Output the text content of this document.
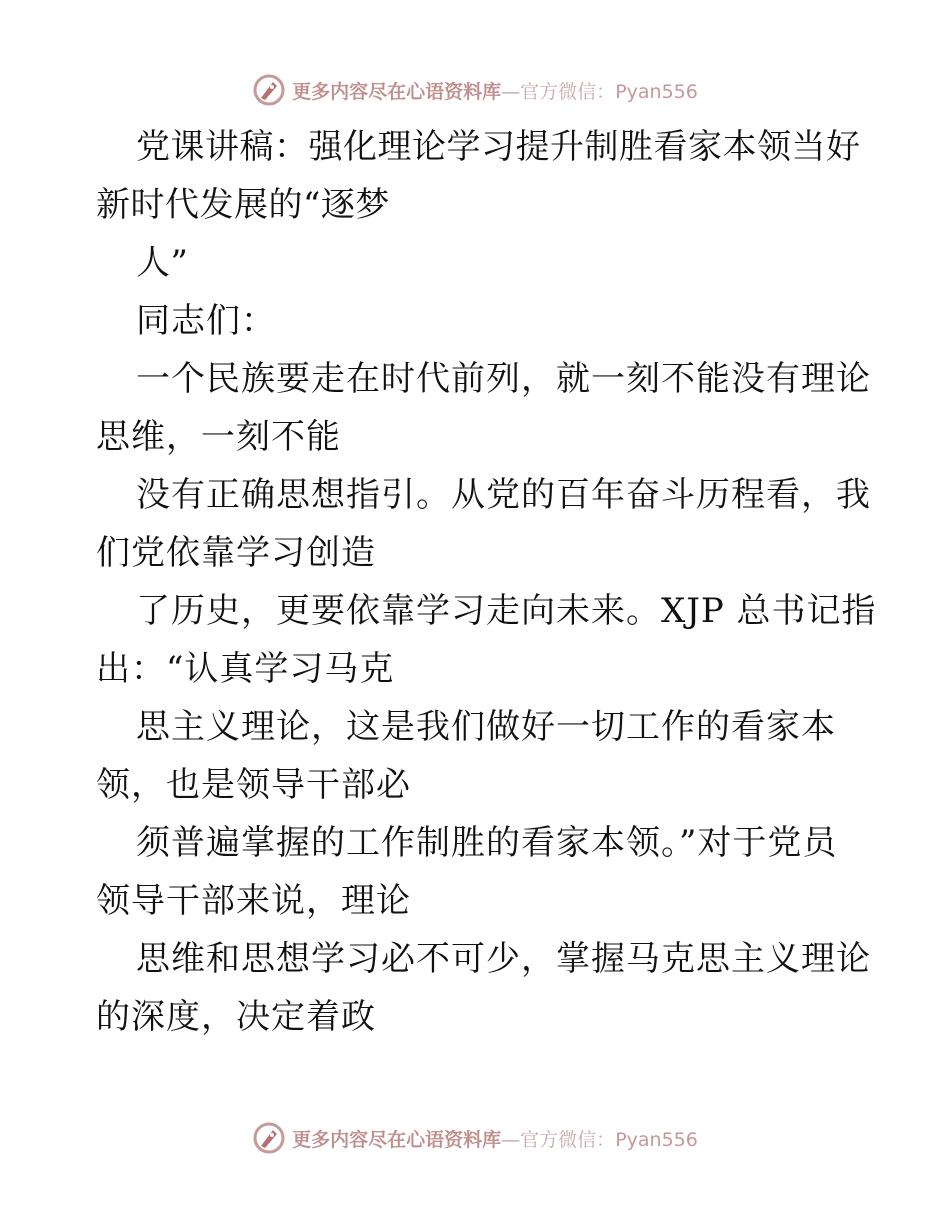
更多内容尽在心语资料库—官方微信：Pyan556
党课讲稿：强化理论学习提升制胜看家本领当好
新时代发展的“逐梦
人”
同志们：
一个民族要走在时代前列，就一刻不能没有理论
思维，一刻不能
没有正确思想指引。从党的百年奋斗历程看，我
们党依靠学习创造
了历史，更要依靠学习走向未来。XJP 总书记指
出：“认真学习马克
思主义理论，这是我们做好一切工作的看家本
领，也是领导干部必
须普遍掌握的工作制胜的看家本领。”对于党员
领导干部来说，理论
思维和思想学习必不可少，掌握马克思主义理论
的深度，决定着政
更多内容尽在心语资料库—官方微信：Pyan556
